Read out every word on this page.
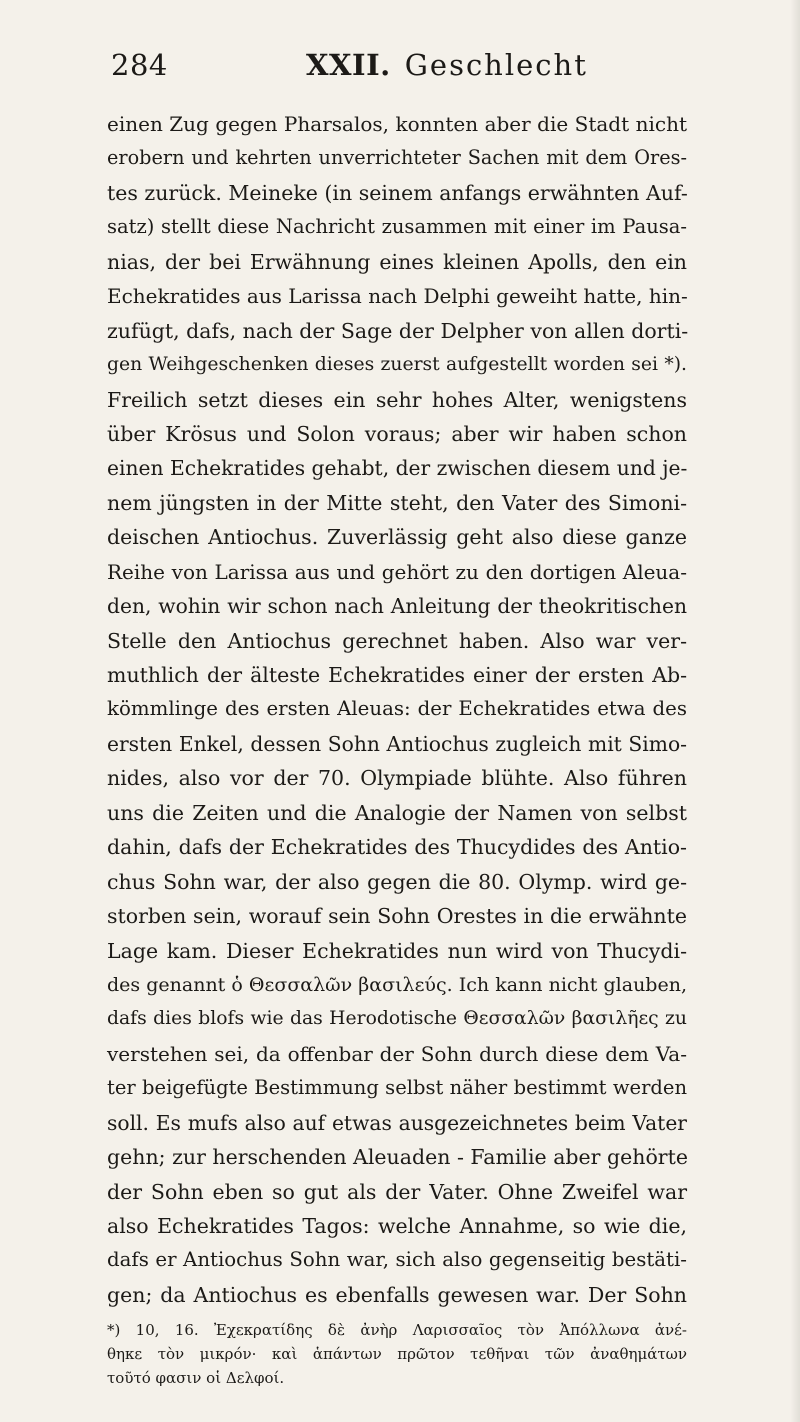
284	XXII. Geschlecht
einen Zug gegen Pharsalos, konnten aber die Stadt nicht
erobern und kehrten unverrichteter Sachen mit dem Ores-
tes zurück. Meineke (in seinem anfangs erwähnten Auf-
satz) stellt diese Nachricht zusammen mit einer im Pausa-
nias, der bei Erwähnung eines kleinen Apolls, den ein
Echekratides aus Larissa nach Delphi geweiht hatte, hin-
zufügt, dafs, nach der Sage der Delpher von allen dorti-
gen Weihgeschenken dieses zuerst aufgestellt worden sei *).
Freilich setzt dieses ein sehr hohes Alter, wenigstens
über Krösus und Solon voraus; aber wir haben schon
einen Echekratides gehabt, der zwischen diesem und je-
nem jüngsten in der Mitte steht, den Vater des Simoni-
deischen Antiochus. Zuverlässig geht also diese ganze
Reihe von Larissa aus und gehört zu den dortigen Aleua-
den, wohin wir schon nach Anleitung der theokritischen
Stelle den Antiochus gerechnet haben. Also war ver-
muthlich der älteste Echekratides einer der ersten Ab-
kömmlinge des ersten Aleuas: der Echekratides etwa des
ersten Enkel, dessen Sohn Antiochus zugleich mit Simo-
nides, also vor der 70. Olympiade blühte. Also führen
uns die Zeiten und die Analogie der Namen von selbst
dahin, dafs der Echekratides des Thucydides des Antio-
chus Sohn war, der also gegen die 80. Olymp. wird ge-
storben sein, worauf sein Sohn Orestes in die erwähnte
Lage kam. Dieser Echekratides nun wird von Thucydi-
des genannt ὁ Θεσσαλῶν βασιλεύς. Ich kann nicht glauben,
dafs dies blofs wie das Herodotische Θεσσαλῶν βασιλῆες zu
verstehen sei, da offenbar der Sohn durch diese dem Va-
ter beigefügte Bestimmung selbst näher bestimmt werden
soll. Es mufs also auf etwas ausgezeichnetes beim Vater
gehn; zur herschenden Aleuaden - Familie aber gehörte
der Sohn eben so gut als der Vater. Ohne Zweifel war
also Echekratides Tagos: welche Annahme, so wie die,
dafs er Antiochus Sohn war, sich also gegenseitig bestäti-
gen; da Antiochus es ebenfalls gewesen war. Der Sohn
*) 10, 16. Ἐχεκρατίδης δὲ ἀνὴρ Λαρισσαῖος τὸν Ἀπόλλωνα ἀνέ-
θηκε τὸν μικρόν· καὶ ἁπάντων πρῶτον τεθῆναι τῶν ἀναθημάτων
τοῦτό φασιν οἱ Δελφοί.
